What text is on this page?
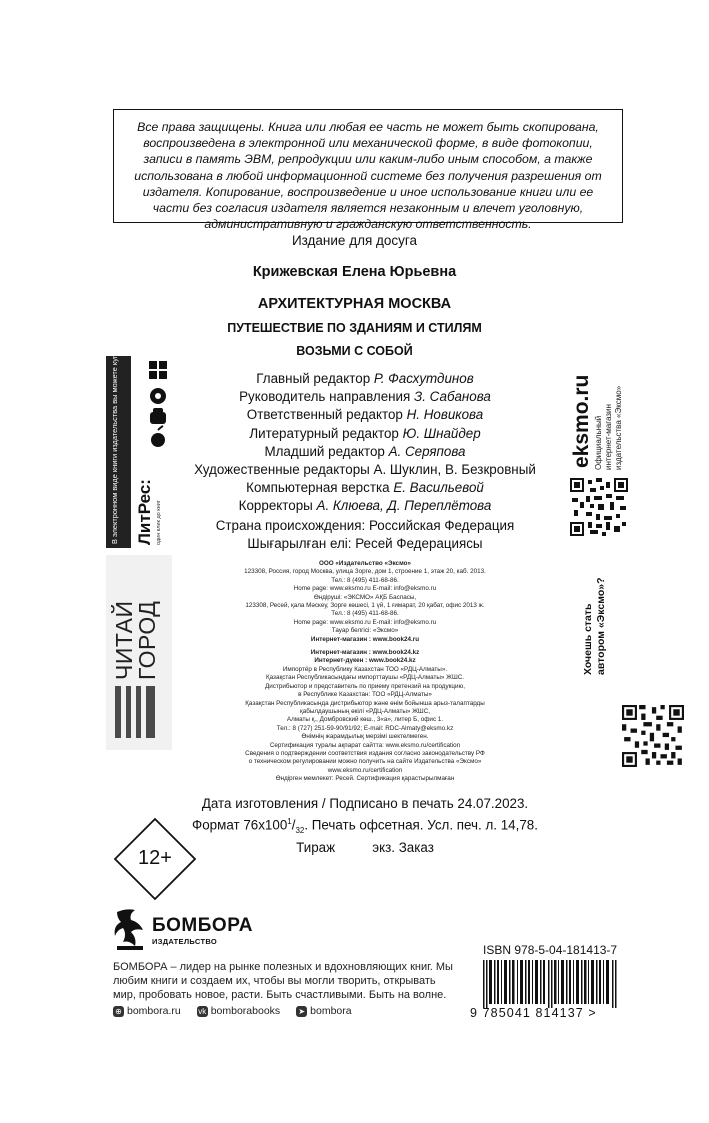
Все права защищены. Книга или любая ее часть не может быть скопирована, воспроизведена в электронной или механической форме, в виде фотокопии, записи в память ЭВМ, репродукции или каким-либо иным способом, а также использована в любой информационной системе без получения разрешения от издателя. Копирование, воспроизведение и иное использование книги или ее части без согласия издателя является незаконным и влечет уголовную, административную и гражданскую ответственность.
Издание для досуга
Крижевская Елена Юрьевна
АРХИТЕКТУРНАЯ МОСКВА
ПУТЕШЕСТВИЕ ПО ЗДАНИЯМ И СТИЛЯМ
ВОЗЬМИ С СОБОЙ
Главный редактор Р. Фасхутдинов
Руководитель направления З. Сабанова
Ответственный редактор Н. Новикова
Литературный редактор Ю. Шнайдер
Младший редактор А. Серяпова
Художественные редакторы А. Шуклин, В. Безкровный
Компьютерная верстка Е. Васильевой
Корректоры А. Клюева, Д. Переплётова
Страна происхождения: Российская Федерация
Шығарылған елі: Ресей Федерациясы
ООО «Издательство «Эксмо»
123308, Россия, город Москва, улица Зорге, дом 1, строение 1, этаж 20, каб. 2013.
Тел.: 8 (495) 411-68-86.
Home page: www.eksmo.ru E-mail: info@eksmo.ru
Өндіруші: «ЭКСМО» АҚБ Баспасы,
123308, Ресей, қала Мәскеу, Зорге көшесі, 1 үй, 1 ғимарат, 20 қабат, офис 2013 ж.
Тел.: 8 (495) 411-68-86.
Home page: www.eksmo.ru E-mail: info@eksmo.ru
Тауар белгісі: «Эксмо»
Интернет-магазин : www.book24.ru
Интернет-магазин : www.book24.kz
Интернет-дүкен : www.book24.kz
Импортёр в Республику Казахстан ТОО «РДЦ-Алматы».
Қазақстан Республикасындағы импорттаушы «РДЦ-Алматы» ЖШС.
Дистрибьютор и представитель по приему претензий на продукцию,
в Республике Казахстан: ТОО «РДЦ-Алматы»
Қазақстан Республикасында дистрибьютор және өнім бойынша арыз-талаптарды
қабылдаушының өкілі «РДЦ-Алматы» ЖШС,
Алматы қ., Домбровский көш., 3«а», литер Б, офис 1.
Тел.: 8 (727) 251-59-90/91/92; E-mail: RDC-Almaty@eksmo.kz
Өнімнің жарамдылық мерзімі шектелмеген.
Сертификация туралы ақпарат сайтта: www.eksmo.ru/certification
Сведения о подтверждении соответствия издания согласно законодательству РФ
о техническом регулировании можно получить на сайте Издательства «Эксмо»
www.eksmo.ru/certification
Өндірген мемлекет: Ресей. Сертификация қарастырылмаған
Дата изготовления / Подписано в печать 24.07.2023.
Формат $76x100^1/_{32}$. Печать офсетная. Усл. печ. л. 14,78.
Тираж          экз. Заказ
В электронном виде книги издательства вы можете купить на www.litres.ru ЛитРес: один клик до книг
ЧИТАЙ
ГОРОД
eksmo.ru Официальный интернет-магазин издательства «Эксмо»
Хочешь стать автором «Эксмо»?
12+
БОМБОРА
ИЗДАТЕЛЬСТВО
БОМБОРА – лидер на рынке полезных и вдохновляющих книг. Мы любим книги и создаем их, чтобы вы могли творить, открывать мир, пробовать новое, расти. Быть счастливыми. Быть на волне.
⊕ bombora.ru vk bomborabooks ➤ bombora
ISBN 978-5-04-181413-7
9 785041 814137 >
